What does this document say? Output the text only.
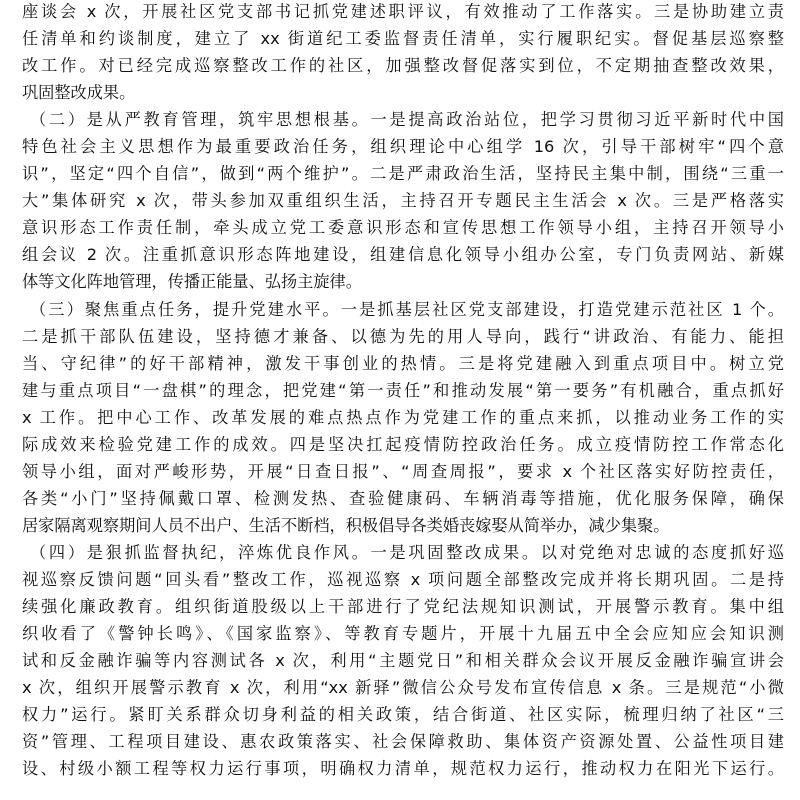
座谈会 x 次，开展社区党支部书记抓党建述职评议，有效推动了工作落实。三是协助建立责
任清单和约谈制度，建立了 xx 街道纪工委监督责任清单，实行履职纪实。督促基层巡察整
改工作。对已经完成巡察整改工作的社区，加强整改督促落实到位，不定期抽查整改效果，
巩固整改成果。
（二）是从严教育管理，筑牢思想根基。一是提高政治站位，把学习贯彻习近平新时代中国
特色社会主义思想作为最重要政治任务，组织理论中心组学 16 次，引导干部树牢“四个意
识”，坚定“四个自信”，做到“两个维护”。二是严肃政治生活，坚持民主集中制，围绕“三重一
大”集体研究 x 次，带头参加双重组织生活，主持召开专题民主生活会 x 次。三是严格落实
意识形态工作责任制，牵头成立党工委意识形态和宣传思想工作领导小组，主持召开领导小
组会议 2 次。注重抓意识形态阵地建设，组建信息化领导小组办公室，专门负责网站、新媒
体等文化阵地管理，传播正能量、弘扬主旋律。
（三）聚焦重点任务，提升党建水平。一是抓基层社区党支部建设，打造党建示范社区 1 个。
二是抓干部队伍建设，坚持德才兼备、以德为先的用人导向，践行“讲政治、有能力、能担
当、守纪律”的好干部精神，激发干事创业的热情。三是将党建融入到重点项目中。树立党
建与重点项目“一盘棋”的理念，把党建“第一责任”和推动发展“第一要务”有机融合，重点抓好
x 工作。把中心工作、改革发展的难点热点作为党建工作的重点来抓，以推动业务工作的实
际成效来检验党建工作的成效。四是坚决扛起疫情防控政治任务。成立疫情防控工作常态化
领导小组，面对严峻形势，开展“日查日报”、“周查周报”，要求 x 个社区落实好防控责任，
各类“小门”坚持佩戴口罩、检测发热、查验健康码、车辆消毒等措施，优化服务保障，确保
居家隔离观察期间人员不出户、生活不断档，积极倡导各类婚丧嫁娶从简举办，减少集聚。
（四）是狠抓监督执纪，淬炼优良作风。一是巩固整改成果。以对党绝对忠诚的态度抓好巡
视巡察反馈问题“回头看”整改工作，巡视巡察 x 项问题全部整改完成并将长期巩固。二是持
续强化廉政教育。组织街道股级以上干部进行了党纪法规知识测试，开展警示教育。集中组
织收看了《警钟长鸣》、《国家监察》、等教育专题片，开展十九届五中全会应知应会知识测
试和反金融诈骗等内容测试各 x 次，利用“主题党日”和相关群众会议开展反金融诈骗宣讲会
x 次，组织开展警示教育 x 次，利用“xx 新驿”微信公众号发布宣传信息 x 条。三是规范“小微
权力”运行。紧盯关系群众切身利益的相关政策，结合街道、社区实际，梳理归纳了社区“三
资”管理、工程项目建设、惠农政策落实、社会保障救助、集体资产资源处置、公益性项目建
设、村级小额工程等权力运行事项，明确权力清单，规范权力运行，推动权力在阳光下运行。
